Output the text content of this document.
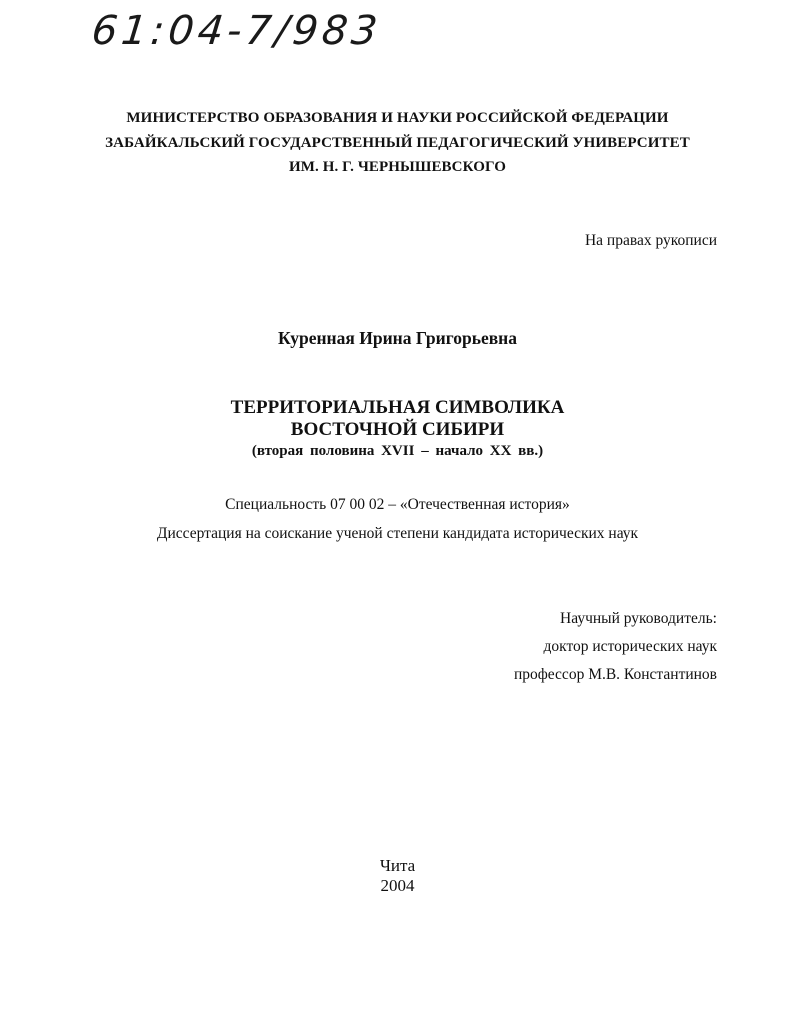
61:04-7/983
МИНИСТЕРСТВО ОБРАЗОВАНИЯ И НАУКИ РОССИЙСКОЙ ФЕДЕРАЦИИ
ЗАБАЙКАЛЬСКИЙ ГОСУДАРСТВЕННЫЙ ПЕДАГОГИЧЕСКИЙ УНИВЕРСИТЕТ
ИМ. Н. Г. ЧЕРНЫШЕВСКОГО
На правах рукописи
Куренная Ирина Григорьевна
ТЕРРИТОРИАЛЬНАЯ СИМВОЛИКА
ВОСТОЧНОЙ СИБИРИ
(вторая половина XVII – начало XX вв.)
Специальность 07 00 02 – «Отечественная история»
Диссертация на соискание ученой степени кандидата исторических наук
Научный руководитель:
доктор исторических наук
профессор М.В. Константинов
Чита
2004
